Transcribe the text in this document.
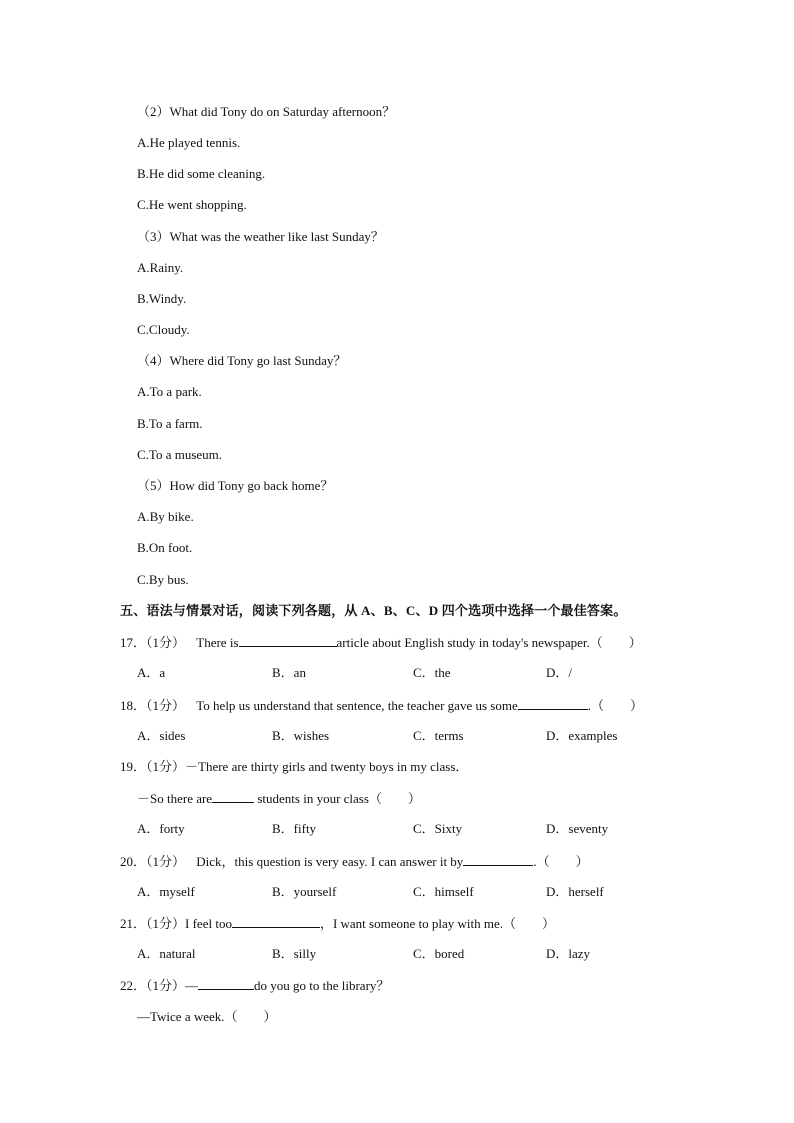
（2）What did Tony do on Saturday afternoon？
A.He played tennis.
B.He did some cleaning.
C.He went shopping.
（3）What was the weather like last Sunday？
A.Rainy.
B.Windy.
C.Cloudy.
（4）Where did Tony go last Sunday？
A.To a park.
B.To a farm.
C.To a museum.
（5）How did Tony go back home？
A.By bike.
B.On foot.
C.By bus.
五、语法与情景对话，阅读下列各题，从 A、B、C、D 四个选项中选择一个最佳答案。
17．（1分） There is	article about English study in today's newspaper.（　　）
A．a	B．an	C．the	D．/
18．（1分） To help us understand that sentence, the teacher gave us some	.（　　）
A．sides	B．wishes	C．terms	D．examples
19．（1分）－There are thirty girls and twenty boys in my class．
－So there are	students in your class（　　）
A．forty	B．fifty	C．Sixty	D．seventy
20．（1分） Dick，this question is very easy. I can answer it by	.（　　）
A．myself	B．yourself	C．himself	D．herself
21．（1分）I feel too	，I want someone to play with me.（　　）
A．natural	B．silly	C．bored	D．lazy
22．（1分）—	do you go to the library？
—Twice a week.（　　）
